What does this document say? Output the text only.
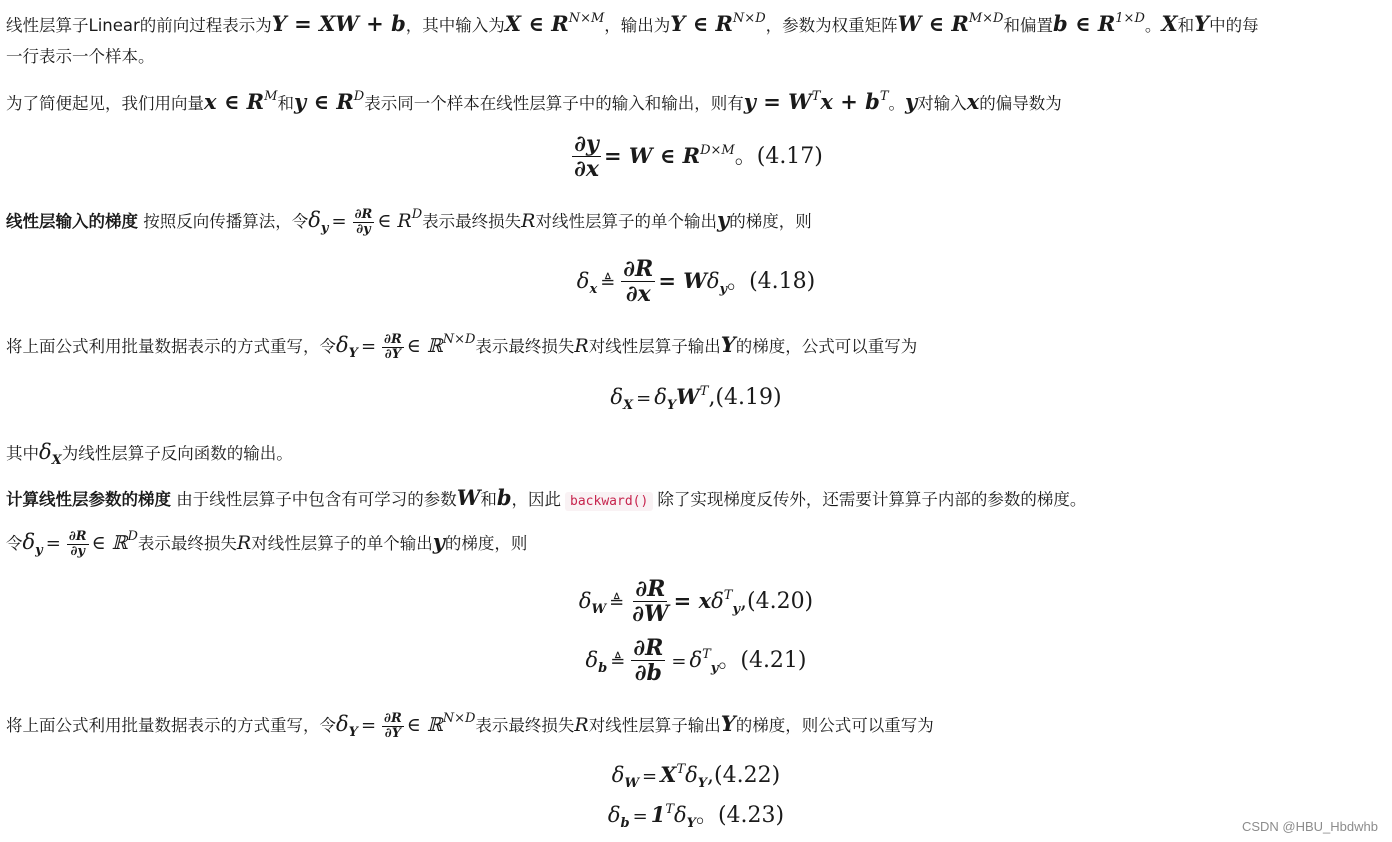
线性层算子Linear的前向过程表示为Y = XW + b，其中输入为X ∈ $R^{N\times M}$，输出为Y ∈ $R^{N\times D}$，参数为权重矩阵W ∈ $R^{M\times D}$和偏置b ∈ $R^{1\times D}$。X和Y中的每
一行表示一个样本。
为了简便起见，我们用向量x ∈ $R^M$和y ∈ $R^D$表示同一个样本在线性层算子中的输入和输出，则有$y = W^Tx + b^T$。y对输入x的偏导数为
$\frac{\partial y}{\partial x} = W$ ∈ $R^{D\times M}$。(4.17)
线性层输入的梯度 按照反向传播算法，令$\delta_y = \frac{\partial R}{\partial y}$ ∈ $R^D$表示最终损失R对线性层算子的单个输出y的梯度，则
$\delta_x$ ≜ $\frac{\partial R}{\partial x} = W\delta_y$。(4.18)
将上面公式利用批量数据表示的方式重写，令$\delta_Y = \frac{\partial R}{\partial Y}$ ∈ ℝ$^{N\times D}$表示最终损失R对线性层算子输出Y的梯度，公式可以重写为
$\delta_X = \delta_YW^T,(4.19)$
其中$\delta_X$为线性层算子反向函数的输出。
计算线性层参数的梯度 由于线性层算子中包含有可学习的参数W和b，因此 backward() 除了实现梯度反传外，还需要计算算子内部的参数的梯度。
令$\delta_y = \frac{\partial R}{\partial y}$ ∈ ℝ$^D$表示最终损失R对线性层算子的单个输出y的梯度，则
$\delta_W$ ≜ $\frac{\partial R}{\partial W} = x\delta^T_y,(4.20)$
$\delta_b$ ≜ $\frac{\partial R}{\partial b} = \delta^T_y$。(4.21)
将上面公式利用批量数据表示的方式重写，令$\delta_Y = \frac{\partial R}{\partial Y}$ ∈ ℝ$^{N\times D}$表示最终损失R对线性层算子输出Y的梯度，则公式可以重写为
$\delta_W = X^T\delta_Y,(4.22)$
$\delta_b = 1^T\delta_Y$。(4.23)	CSDN @HBU_Hbdwhb
